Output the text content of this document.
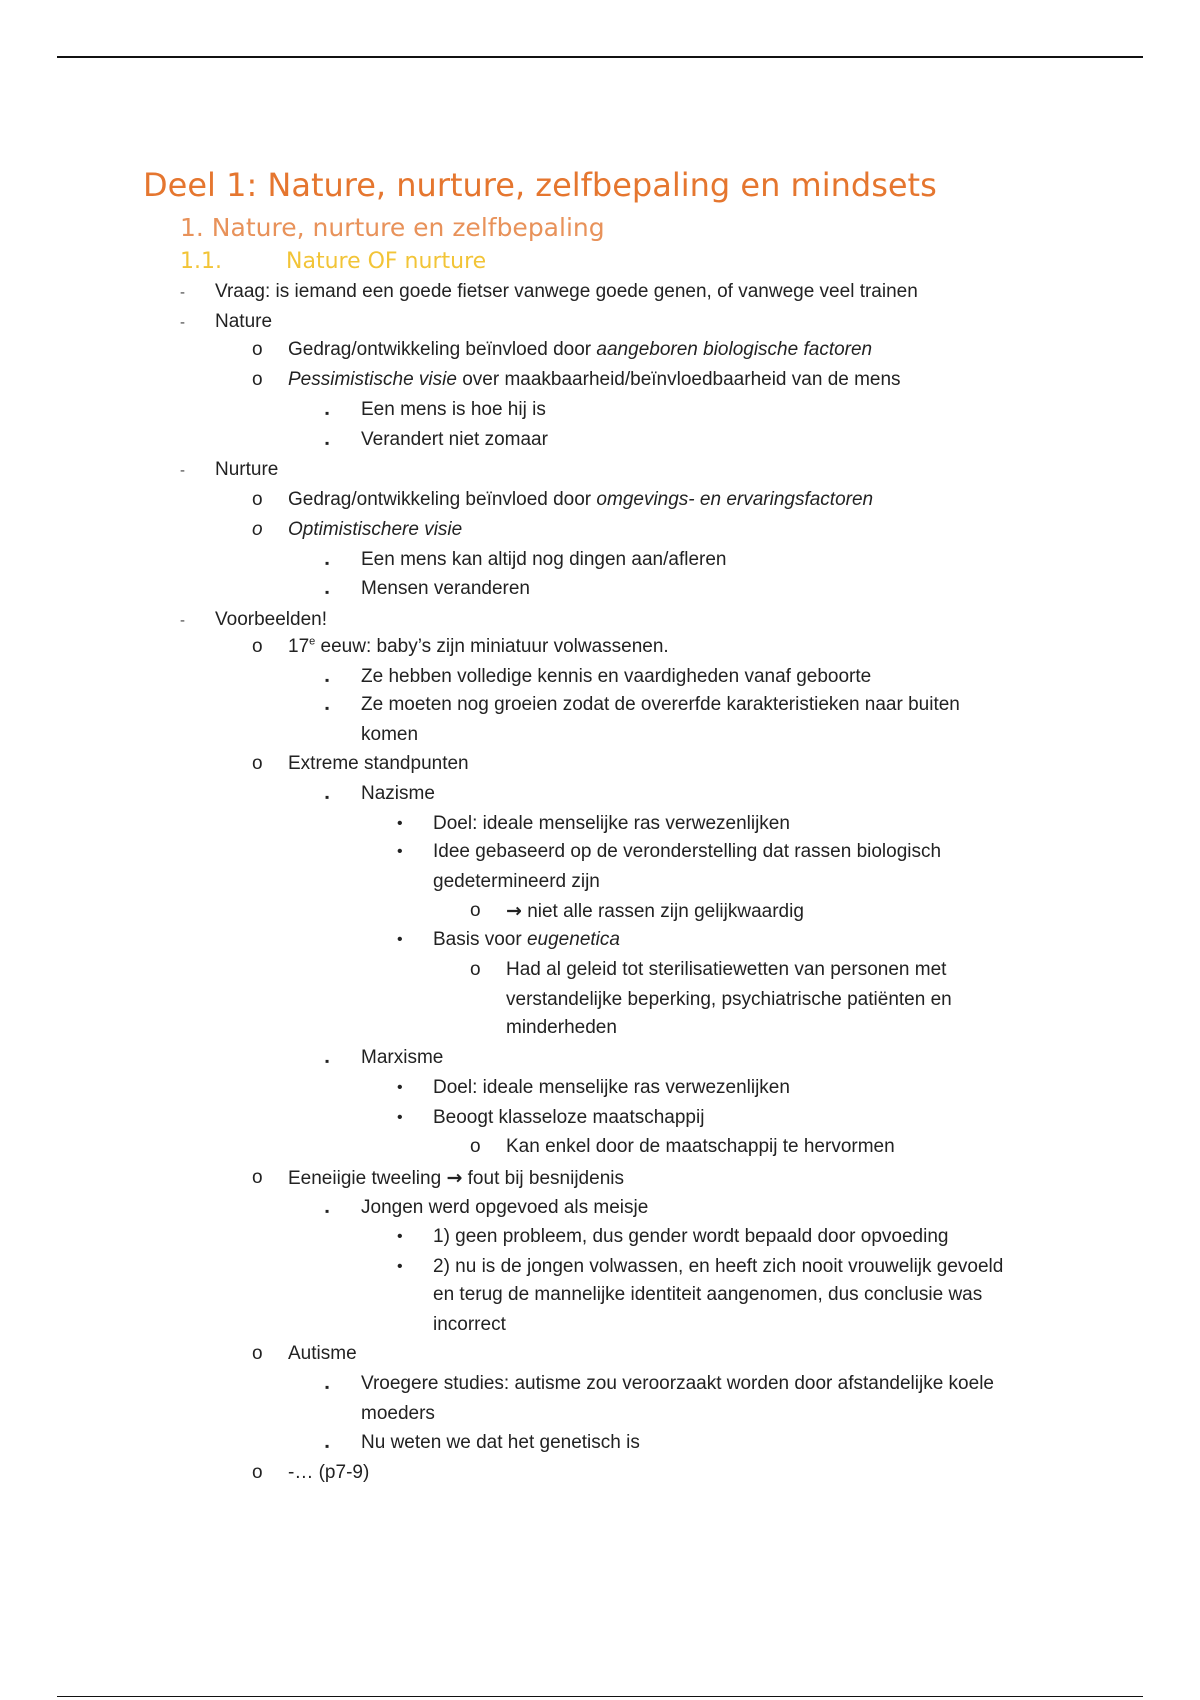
Deel 1: Nature, nurture, zelfbepaling en mindsets
1. Nature, nurture en zelfbepaling
1.1.	Nature OF nurture
- Vraag: is iemand een goede fietser vanwege goede genen, of vanwege veel trainen
- Nature
o Gedrag/ontwikkeling beïnvloed door aangeboren biologische factoren
o Pessimistische visie over maakbaarheid/beïnvloedbaarheid van de mens
▪ Een mens is hoe hij is
▪ Verandert niet zomaar
- Nurture
o Gedrag/ontwikkeling beïnvloed door omgevings- en ervaringsfactoren
o Optimistischere visie
▪ Een mens kan altijd nog dingen aan/afleren
▪ Mensen veranderen
- Voorbeelden!
o 17e eeuw: baby’s zijn miniatuur volwassenen.
▪ Ze hebben volledige kennis en vaardigheden vanaf geboorte
▪ Ze moeten nog groeien zodat de overerfde karakteristieken naar buiten
komen
o Extreme standpunten
▪ Nazisme
• Doel: ideale menselijke ras verwezenlijken
• Idee gebaseerd op de veronderstelling dat rassen biologisch
gedetermineerd zijn
o → niet alle rassen zijn gelijkwaardig
• Basis voor eugenetica
o Had al geleid tot sterilisatiewetten van personen met
verstandelijke beperking, psychiatrische patiënten en
minderheden
▪ Marxisme
• Doel: ideale menselijke ras verwezenlijken
• Beoogt klasseloze maatschappij
o Kan enkel door de maatschappij te hervormen
o Eeneiigie tweeling → fout bij besnijdenis
▪ Jongen werd opgevoed als meisje
• 1) geen probleem, dus gender wordt bepaald door opvoeding
• 2) nu is de jongen volwassen, en heeft zich nooit vrouwelijk gevoeld
en terug de mannelijke identiteit aangenomen, dus conclusie was
incorrect
o Autisme
▪ Vroegere studies: autisme zou veroorzaakt worden door afstandelijke koele
moeders
▪ Nu weten we dat het genetisch is
o -… (p7-9)
